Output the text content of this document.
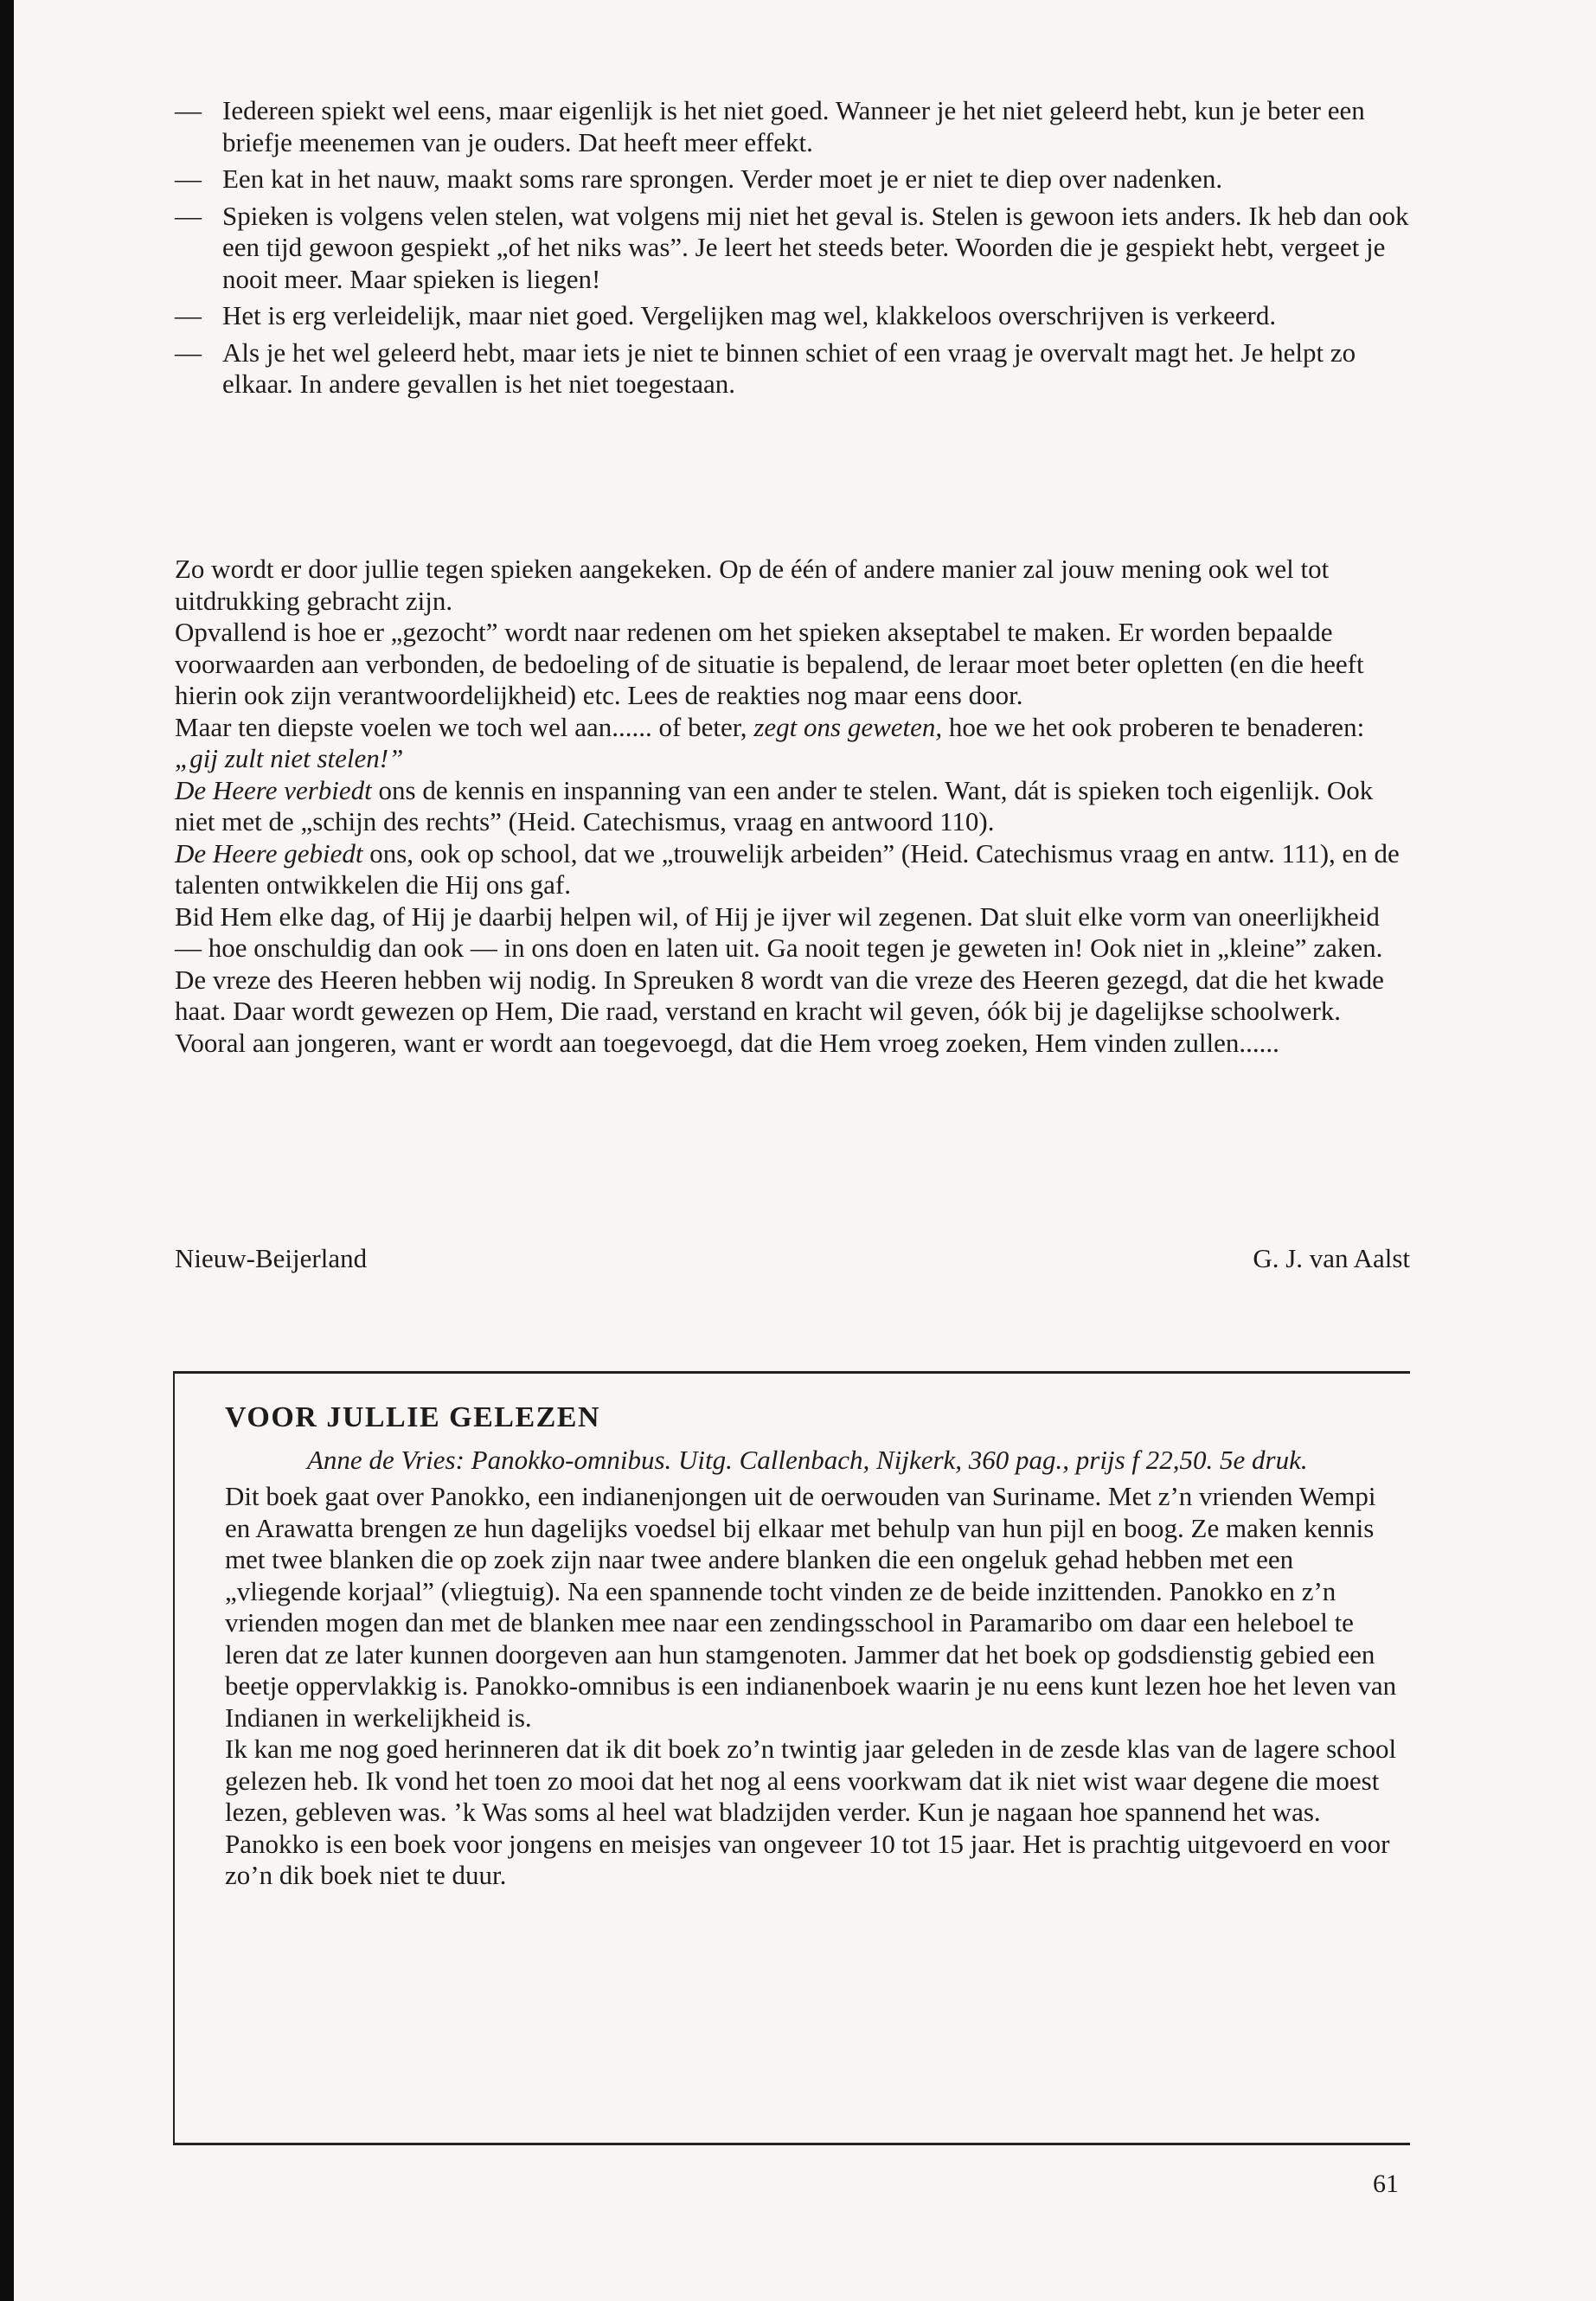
— Iedereen spiekt wel eens, maar eigenlijk is het niet goed. Wanneer je het niet geleerd hebt, kun je beter een briefje meenemen van je ouders. Dat heeft meer effekt.
— Een kat in het nauw, maakt soms rare sprongen. Verder moet je er niet te diep over nadenken.
— Spieken is volgens velen stelen, wat volgens mij niet het geval is. Stelen is gewoon iets anders. Ik heb dan ook een tijd gewoon gespiekt „of het niks was”. Je leert het steeds beter. Woorden die je gespiekt hebt, vergeet je nooit meer. Maar spieken is liegen!
— Het is erg verleidelijk, maar niet goed. Vergelijken mag wel, klakkeloos overschrijven is verkeerd.
— Als je het wel geleerd hebt, maar iets je niet te binnen schiet of een vraag je overvalt magt het. Je helpt zo elkaar. In andere gevallen is het niet toegestaan.

Zo wordt er door jullie tegen spieken aangekeken. Op de één of andere manier zal jouw mening ook wel tot uitdrukking gebracht zijn.

Opvallend is hoe er „gezocht” wordt naar redenen om het spieken akseptabel te maken. Er worden bepaalde voorwaarden aan verbonden, de bedoeling of de situatie is bepalend, de leraar moet beter opletten (en die heeft hierin ook zijn verantwoordelijkheid) etc. Lees de reakties nog maar eens door.

Maar ten diepste voelen we toch wel aan...... of beter, zegt ons geweten, hoe we het ook proberen te benaderen: „gij zult niet stelen!”

De Heere verbiedt ons de kennis en inspanning van een ander te stelen. Want, dát is spieken toch eigenlijk. Ook niet met de „schijn des rechts” (Heid. Catechismus, vraag en antwoord 110).

De Heere gebiedt ons, ook op school, dat we „trouwelijk arbeiden” (Heid. Catechismus vraag en antw. 111), en de talenten ontwikkelen die Hij ons gaf.

Bid Hem elke dag, of Hij je daarbij helpen wil, of Hij je ijver wil zegenen. Dat sluit elke vorm van oneerlijkheid — hoe onschuldig dan ook — in ons doen en laten uit. Ga nooit tegen je geweten in! Ook niet in „kleine” zaken.

De vreze des Heeren hebben wij nodig. In Spreuken 8 wordt van die vreze des Heeren gezegd, dat die het kwade haat. Daar wordt gewezen op Hem, Die raad, verstand en kracht wil geven, óók bij je dagelijkse schoolwerk. Vooral aan jongeren, want er wordt aan toegevoegd, dat die Hem vroeg zoeken, Hem vinden zullen......

Nieuw-Beijerland	G. J. van Aalst
VOOR JULLIE GELEZEN
Anne de Vries: Panokko-omnibus. Uitg. Callenbach, Nijkerk, 360 pag., prijs f 22,50. 5e druk.

Dit boek gaat over Panokko, een indianenjongen uit de oerwouden van Suriname. Met z’n vrienden Wempi en Arawatta brengen ze hun dagelijks voedsel bij elkaar met behulp van hun pijl en boog. Ze maken kennis met twee blanken die op zoek zijn naar twee andere blanken die een ongeluk gehad hebben met een „vliegende korjaal” (vliegtuig). Na een spannende tocht vinden ze de beide inzittenden. Panokko en z’n vrienden mogen dan met de blanken mee naar een zendingsschool in Paramaribo om daar een heleboel te leren dat ze later kunnen doorgeven aan hun stamgenoten. Jammer dat het boek op godsdienstig gebied een beetje oppervlakkig is. Panokko-omnibus is een indianenboek waarin je nu eens kunt lezen hoe het leven van Indianen in werkelijkheid is.

Ik kan me nog goed herinneren dat ik dit boek zo’n twintig jaar geleden in de zesde klas van de lagere school gelezen heb. Ik vond het toen zo mooi dat het nog al eens voorkwam dat ik niet wist waar degene die moest lezen, gebleven was. ’k Was soms al heel wat bladzijden verder. Kun je nagaan hoe spannend het was.

Panokko is een boek voor jongens en meisjes van ongeveer 10 tot 15 jaar. Het is prachtig uitgevoerd en voor zo’n dik boek niet te duur.

61
